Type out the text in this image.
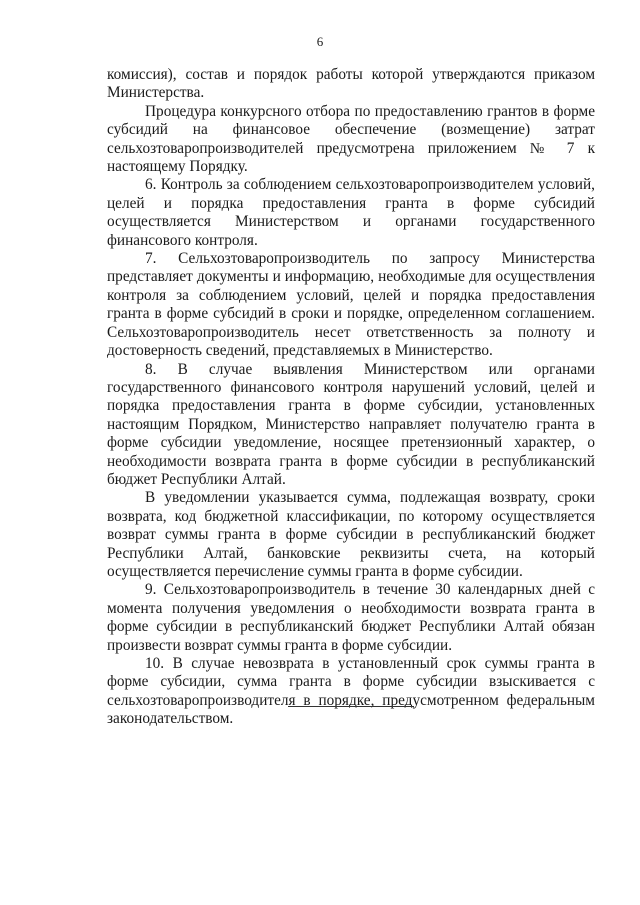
6

комиссия), состав и порядок работы которой утверждаются приказом Министерства.

Процедура конкурсного отбора по предоставлению грантов в форме субсидий на финансовое обеспечение (возмещение) затрат сельхозтоваропроизводителей предусмотрена приложением № 7 к настоящему Порядку.

6. Контроль за соблюдением сельхозтоваропроизводителем условий, целей и порядка предоставления гранта в форме субсидий осуществляется Министерством и органами государственного финансового контроля.

7. Сельхозтоваропроизводитель по запросу Министерства представляет документы и информацию, необходимые для осуществления контроля за соблюдением условий, целей и порядка предоставления гранта в форме субсидий в сроки и порядке, определенном соглашением. Сельхозтоваропроизводитель несет ответственность за полноту и достоверность сведений, представляемых в Министерство.

8. В случае выявления Министерством или органами государственного финансового контроля нарушений условий, целей и порядка предоставления гранта в форме субсидии, установленных настоящим Порядком, Министерство направляет получателю гранта в форме субсидии уведомление, носящее претензионный характер, о необходимости возврата гранта в форме субсидии в республиканский бюджет Республики Алтай.

В уведомлении указывается сумма, подлежащая возврату, сроки возврата, код бюджетной классификации, по которому осуществляется возврат суммы гранта в форме субсидии в республиканский бюджет Республики Алтай, банковские реквизиты счета, на который осуществляется перечисление суммы гранта в форме субсидии.

9. Сельхозтоваропроизводитель в течение 30 календарных дней с момента получения уведомления о необходимости возврата гранта в форме субсидии в республиканский бюджет Республики Алтай обязан произвести возврат суммы гранта в форме субсидии.

10. В случае невозврата в установленный срок суммы гранта в форме субсидии, сумма гранта в форме субсидии взыскивается с сельхозтоваропроизводителя в порядке, предусмотренном федеральным законодательством.
